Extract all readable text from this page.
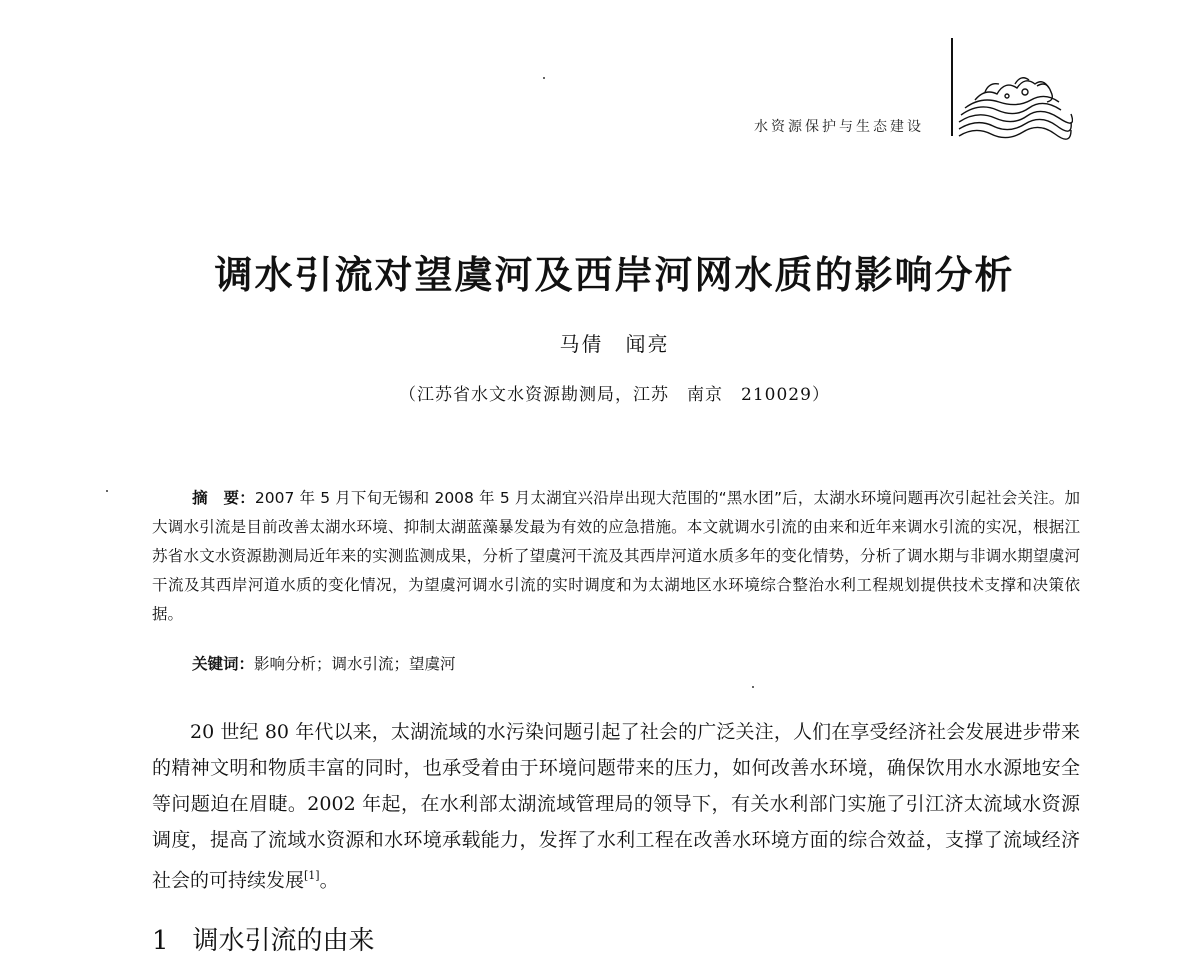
水资源保护与生态建设
调水引流对望虞河及西岸河网水质的影响分析
马倩　闻亮
（江苏省水文水资源勘测局，江苏　南京　210029）
摘　要：2007 年 5 月下旬无锡和 2008 年 5 月太湖宜兴沿岸出现大范围的“黑水团”后，太湖水环境问题再次引起社会关注。加大调水引流是目前改善太湖水环境、抑制太湖蓝藻暴发最为有效的应急措施。本文就调水引流的由来和近年来调水引流的实况，根据江苏省水文水资源勘测局近年来的实测监测成果，分析了望虞河干流及其西岸河道水质多年的变化情势，分析了调水期与非调水期望虞河干流及其西岸河道水质的变化情况，为望虞河调水引流的实时调度和为太湖地区水环境综合整治水利工程规划提供技术支撑和决策依据。
关键词：影响分析；调水引流；望虞河
20 世纪 80 年代以来，太湖流域的水污染问题引起了社会的广泛关注，人们在享受经济社会发展进步带来的精神文明和物质丰富的同时，也承受着由于环境问题带来的压力，如何改善水环境，确保饮用水水源地安全等问题迫在眉睫。2002 年起，在水利部太湖流域管理局的领导下，有关水利部门实施了引江济太流域水资源调度，提高了流域水资源和水环境承载能力，发挥了水利工程在改善水环境方面的综合效益，支撑了流域经济社会的可持续发展[1]。
1 调水引流的由来
